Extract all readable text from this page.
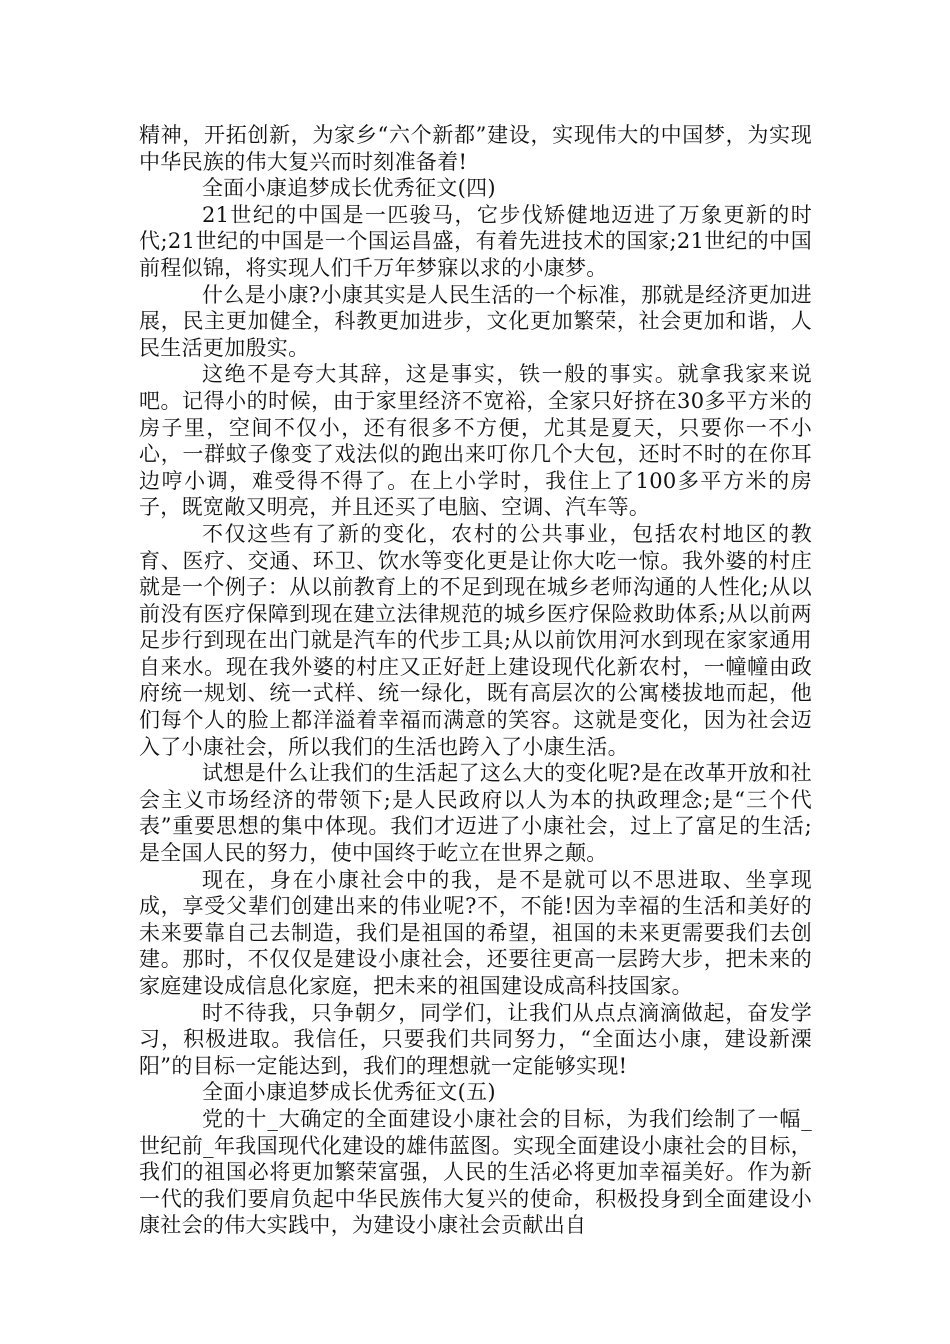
精神，开拓创新，为家乡“六个新都”建设，实现伟大的中国梦，为实现中华民族的伟大复兴而时刻准备着!

全面小康追梦成长优秀征文(四)

21世纪的中国是一匹骏马，它步伐矫健地迈进了万象更新的时代;21世纪的中国是一个国运昌盛，有着先进技术的国家;21世纪的中国前程似锦，将实现人们千万年梦寐以求的小康梦。

什么是小康?小康其实是人民生活的一个标准，那就是经济更加进展，民主更加健全，科教更加进步，文化更加繁荣，社会更加和谐，人民生活更加殷实。

这绝不是夸大其辞，这是事实，铁一般的事实。就拿我家来说吧。记得小的时候，由于家里经济不宽裕，全家只好挤在30多平方米的房子里，空间不仅小，还有很多不方便，尤其是夏天，只要你一不小心，一群蚊子像变了戏法似的跑出来叮你几个大包，还时不时的在你耳边哼小调，难受得不得了。在上小学时，我住上了100多平方米的房子，既宽敞又明亮，并且还买了电脑、空调、汽车等。

不仅这些有了新的变化，农村的公共事业，包括农村地区的教育、医疗、交通、环卫、饮水等变化更是让你大吃一惊。我外婆的村庄就是一个例子：从以前教育上的不足到现在城乡老师沟通的人性化;从以前没有医疗保障到现在建立法律规范的城乡医疗保险救助体系;从以前两足步行到现在出门就是汽车的代步工具;从以前饮用河水到现在家家通用自来水。现在我外婆的村庄又正好赶上建设现代化新农村，一幢幢由政府统一规划、统一式样、统一绿化，既有高层次的公寓楼拔地而起，他们每个人的脸上都洋溢着幸福而满意的笑容。这就是变化，因为社会迈入了小康社会，所以我们的生活也跨入了小康生活。

试想是什么让我们的生活起了这么大的变化呢?是在改革开放和社会主义市场经济的带领下;是人民政府以人为本的执政理念;是“三个代表”重要思想的集中体现。我们才迈进了小康社会，过上了富足的生活;是全国人民的努力，使中国终于屹立在世界之颠。

现在，身在小康社会中的我，是不是就可以不思进取、坐享现成，享受父辈们创建出来的伟业呢?不，不能!因为幸福的生活和美好的未来要靠自己去制造，我们是祖国的希望，祖国的未来更需要我们去创建。那时，不仅仅是建设小康社会，还要往更高一层跨大步，把未来的家庭建设成信息化家庭，把未来的祖国建设成高科技国家。

时不待我，只争朝夕，同学们，让我们从点点滴滴做起，奋发学习，积极进取。我信任，只要我们共同努力，“全面达小康，建设新溧阳”的目标一定能达到，我们的理想就一定能够实现!

全面小康追梦成长优秀征文(五)

党的十_大确定的全面建设小康社会的目标，为我们绘制了一幅_世纪前_年我国现代化建设的雄伟蓝图。实现全面建设小康社会的目标，我们的祖国必将更加繁荣富强，人民的生活必将更加幸福美好。作为新一代的我们要肩负起中华民族伟大复兴的使命，积极投身到全面建设小康社会的伟大实践中，为建设小康社会贡献出自
